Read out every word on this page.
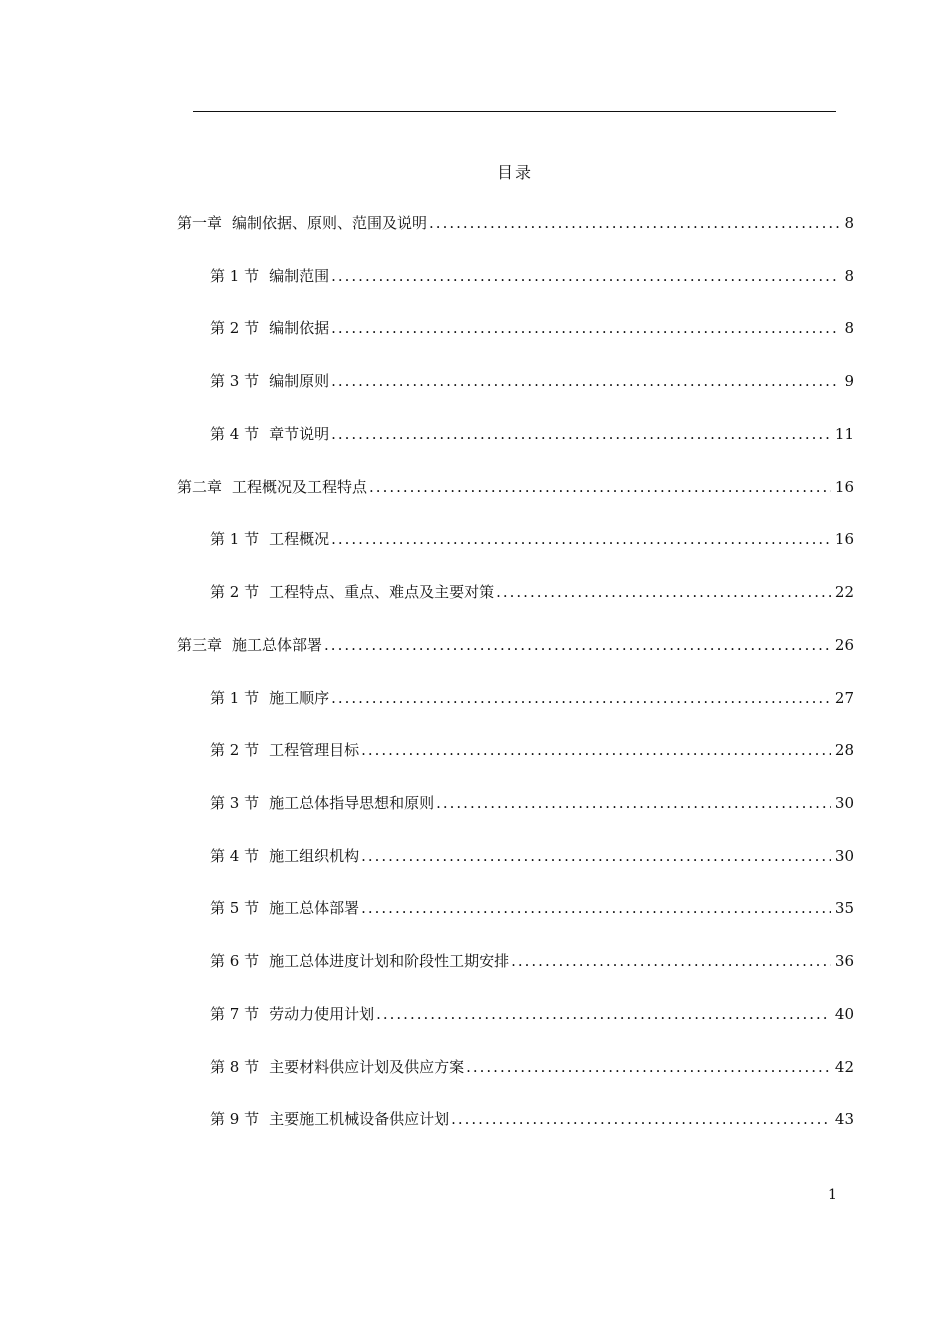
目录
第一章 编制依据、原则、范围及说明 .....	8
第 1 节 编制范围 .....	8
第 2 节 编制依据 .....	8
第 3 节 编制原则 .....	9
第 4 节 章节说明 .....	11
第二章 工程概况及工程特点 .....	16
第 1 节 工程概况 .....	16
第 2 节 工程特点、重点、难点及主要对策 .....	22
第三章 施工总体部署 .....	26
第 1 节 施工顺序 .....	27
第 2 节 工程管理目标 .....	28
第 3 节 施工总体指导思想和原则 .....	30
第 4 节 施工组织机构 .....	30
第 5 节 施工总体部署 .....	35
第 6 节 施工总体进度计划和阶段性工期安排 .....	36
第 7 节 劳动力使用计划 .....	40
第 8 节 主要材料供应计划及供应方案 .....	42
第 9 节 主要施工机械设备供应计划 .....	43
1
